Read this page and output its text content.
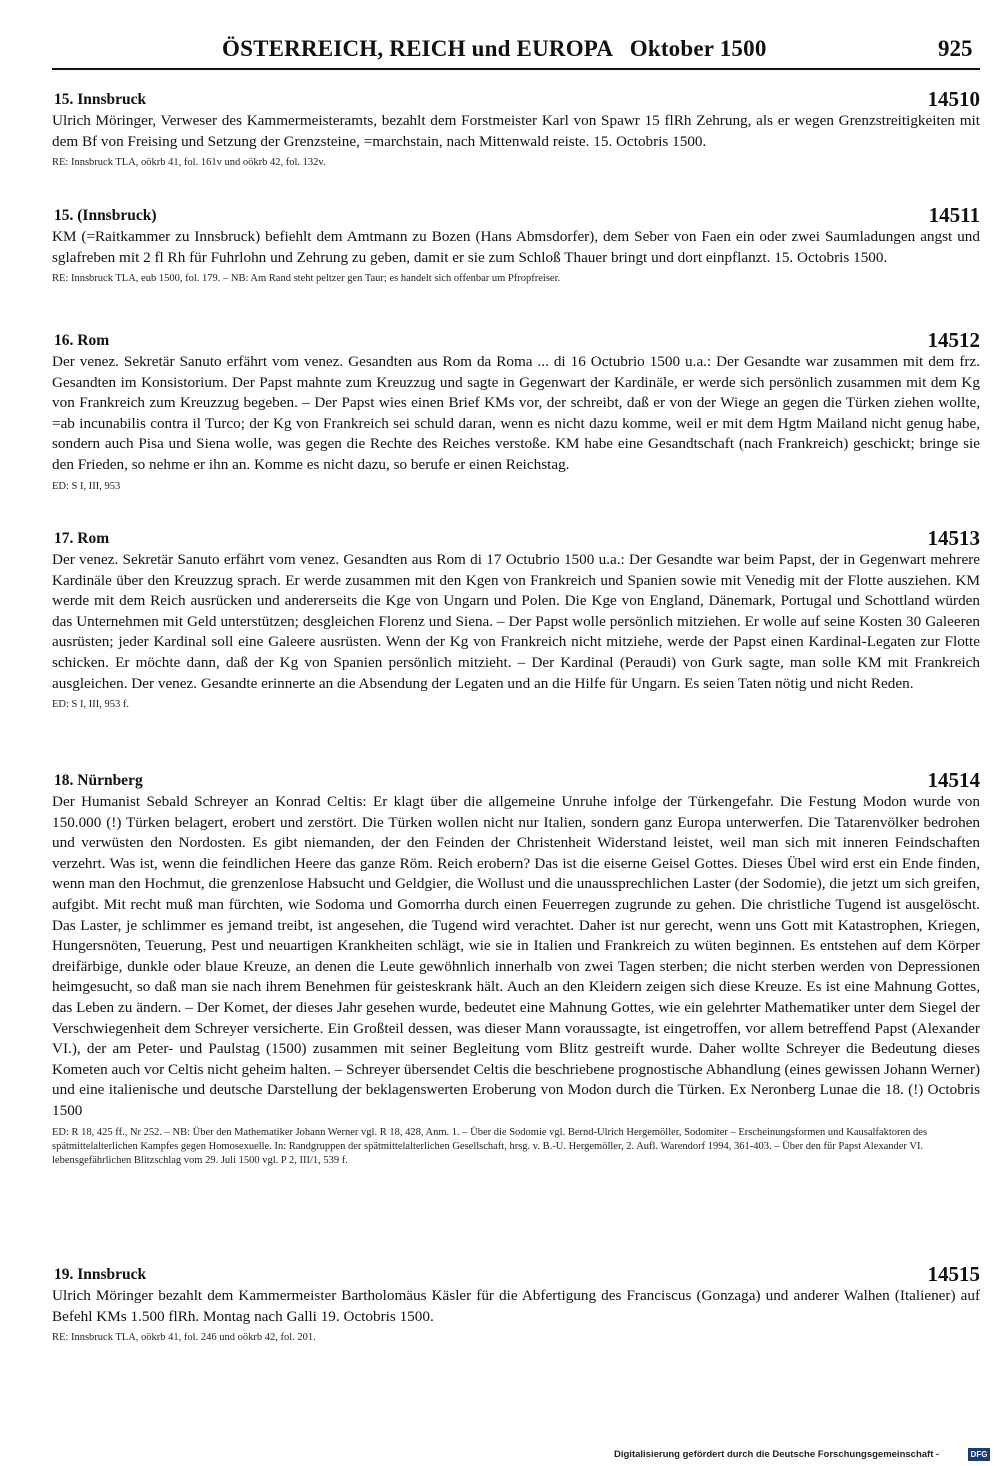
ÖSTERREICH, REICH und EUROPA   Oktober 1500	925
15. Innsbruck	14510
Ulrich Möringer, Verweser des Kammermeisteramts, bezahlt dem Forstmeister Karl von Spawr 15 flRh Zehrung, als er wegen Grenzstreitigkeiten mit dem Bf von Freising und Setzung der Grenzsteine, =marchstain, nach Mittenwald reiste. 15. Octobris 1500.
RE: Innsbruck TLA, oökrb 41, fol. 161v und oökrb 42, fol. 132v.
15. (Innsbruck)	14511
KM (=Raitkammer zu Innsbruck) befiehlt dem Amtmann zu Bozen (Hans Abmsdorfer), dem Seber von Faen ein oder zwei Saumladungen angst und sglafreben mit 2 fl Rh für Fuhrlohn und Zehrung zu geben, damit er sie zum Schloß Thauer bringt und dort einpflanzt. 15. Octobris 1500.
RE: Innsbruck TLA, eub 1500, fol. 179. – NB: Am Rand steht peltzer gen Taur; es handelt sich offenbar um Pfropfreiser.
16. Rom	14512
Der venez. Sekretär Sanuto erfährt vom venez. Gesandten aus Rom da Roma ... di 16 Octubrio 1500 u.a.: Der Gesandte war zusammen mit dem frz. Gesandten im Konsistorium. Der Papst mahnte zum Kreuzzug und sagte in Gegenwart der Kardinäle, er werde sich persönlich zusammen mit dem Kg von Frankreich zum Kreuzzug begeben. – Der Papst wies einen Brief KMs vor, der schreibt, daß er von der Wiege an gegen die Türken ziehen wollte, =ab incunabilis contra il Turco; der Kg von Frankreich sei schuld daran, wenn es nicht dazu komme, weil er mit dem Hgtm Mailand nicht genug habe, sondern auch Pisa und Siena wolle, was gegen die Rechte des Reiches verstoße. KM habe eine Gesandtschaft (nach Frankreich) geschickt; bringe sie den Frieden, so nehme er ihn an. Komme es nicht dazu, so berufe er einen Reichstag.
ED: S I, III, 953
17. Rom	14513
Der venez. Sekretär Sanuto erfährt vom venez. Gesandten aus Rom di 17 Octubrio 1500 u.a.: Der Gesandte war beim Papst, der in Gegenwart mehrere Kardinäle über den Kreuzzug sprach. Er werde zusammen mit den Kgen von Frankreich und Spanien sowie mit Venedig mit der Flotte ausziehen. KM werde mit dem Reich ausrücken und andererseits die Kge von Ungarn und Polen. Die Kge von England, Dänemark, Portugal und Schottland würden das Unternehmen mit Geld unterstützen; desgleichen Florenz und Siena. – Der Papst wolle persönlich mitziehen. Er wolle auf seine Kosten 30 Galeeren ausrüsten; jeder Kardinal soll eine Galeere ausrüsten. Wenn der Kg von Frankreich nicht mitziehe, werde der Papst einen Kardinal-Legaten zur Flotte schicken. Er möchte dann, daß der Kg von Spanien persönlich mitzieht. – Der Kardinal (Peraudi) von Gurk sagte, man solle KM mit Frankreich ausgleichen. Der venez. Gesandte erinnerte an die Absendung der Legaten und an die Hilfe für Ungarn. Es seien Taten nötig und nicht Reden.
ED: S I, III, 953 f.
18. Nürnberg	14514
Der Humanist Sebald Schreyer an Konrad Celtis: Er klagt über die allgemeine Unruhe infolge der Türkengefahr. Die Festung Modon wurde von 150.000 (!) Türken belagert, erobert und zerstört. Die Türken wollen nicht nur Italien, sondern ganz Europa unterwerfen. Die Tatarenvölker bedrohen und verwüsten den Nordosten. Es gibt niemanden, der den Feinden der Christenheit Widerstand leistet, weil man sich mit inneren Feindschaften verzehrt. Was ist, wenn die feindlichen Heere das ganze Röm. Reich erobern? Das ist die eiserne Geisel Gottes. Dieses Übel wird erst ein Ende finden, wenn man den Hochmut, die grenzenlose Habsucht und Geldgier, die Wollust und die unaussprechlichen Laster (der Sodomie), die jetzt um sich greifen, aufgibt. Mit recht muß man fürchten, wie Sodoma und Gomorrha durch einen Feuerregen zugrunde zu gehen. Die christliche Tugend ist ausgelöscht. Das Laster, je schlimmer es jemand treibt, ist angesehen, die Tugend wird verachtet. Daher ist nur gerecht, wenn uns Gott mit Katastrophen, Kriegen, Hungersnöten, Teuerung, Pest und neuartigen Krankheiten schlägt, wie sie in Italien und Frankreich zu wüten beginnen. Es entstehen auf dem Körper dreifärbige, dunkle oder blaue Kreuze, an denen die Leute gewöhnlich innerhalb von zwei Tagen sterben; die nicht sterben werden von Depressionen heimgesucht, so daß man sie nach ihrem Benehmen für geisteskrank hält. Auch an den Kleidern zeigen sich diese Kreuze. Es ist eine Mahnung Gottes, das Leben zu ändern. – Der Komet, der dieses Jahr gesehen wurde, bedeutet eine Mahnung Gottes, wie ein gelehrter Mathematiker unter dem Siegel der Verschwiegenheit dem Schreyer versicherte. Ein Großteil dessen, was dieser Mann voraussagte, ist eingetroffen, vor allem betreffend Papst (Alexander VI.), der am Peter- und Paulstag (1500) zusammen mit seiner Begleitung vom Blitz gestreift wurde. Daher wollte Schreyer die Bedeutung dieses Kometen auch vor Celtis nicht geheim halten. – Schreyer übersendet Celtis die beschriebene prognostische Abhandlung (eines gewissen Johann Werner) und eine italienische und deutsche Darstellung der beklagenswerten Eroberung von Modon durch die Türken. Ex Neronberg Lunae die 18. (!) Octobris 1500
ED: R 18, 425 ff., Nr 252. – NB: Über den Mathematiker Johann Werner vgl. R 18, 428, Anm. 1. – Über die Sodomie vgl. Bernd-Ulrich Hergemöller, Sodomiter – Erscheinungsformen und Kausalfaktoren des spätmittelalterlichen Kampfes gegen Homosexuelle. In: Randgruppen der spätmittelalterlichen Gesellschaft, hrsg. v. B.-U. Hergemöller, 2. Aufl. Warendorf 1994, 361-403. – Über den für Papst Alexander VI. lebensgefährlichen Blitzschlag vom 29. Juli 1500 vgl. P 2, III/1, 539 f.
19. Innsbruck	14515
Ulrich Möringer bezahlt dem Kammermeister Bartholomäus Käsler für die Abfertigung des Franciscus (Gonzaga) und anderer Walhen (Italiener) auf Befehl KMs 1.500 flRh. Montag nach Galli 19. Octobris 1500.
RE: Innsbruck TLA, oökrb 41, fol. 246 und oökrb 42, fol. 201.
Digitalisierung gefördert durch die Deutsche Forschungsgemeinschaft -	DFG
